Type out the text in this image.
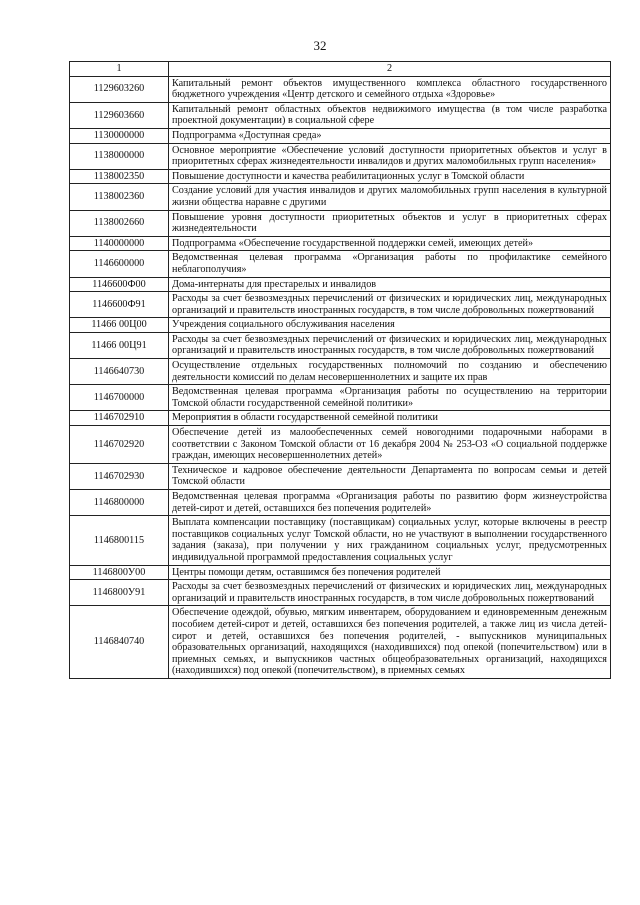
32
1	2
1129603260	Капитальный ремонт объектов имущественного комплекса областного государственного бюджетного учреждения «Центр детского и семейного отдыха «Здоровье»
1129603660	Капитальный ремонт областных объектов недвижимого имущества (в том числе разработка проектной документации) в социальной сфере
1130000000	Подпрограмма «Доступная среда»
1138000000	Основное мероприятие «Обеспечение условий доступности приоритетных объектов и услуг в приоритетных сферах жизнедеятельности инвалидов и других маломобильных групп населения»
1138002350	Повышение доступности и качества реабилитационных услуг в Томской области
1138002360	Создание условий для участия инвалидов и других маломобильных групп населения в культурной жизни общества наравне с другими
1138002660	Повышение уровня доступности приоритетных объектов и услуг в приоритетных сферах жизнедеятельности
1140000000	Подпрограмма «Обеспечение государственной поддержки семей, имеющих детей»
1146600000	Ведомственная целевая программа «Организация работы по профилактике семейного неблагополучия»
1146600Ф00	Дома-интернаты для престарелых и инвалидов
1146600Ф91	Расходы за счет безвозмездных перечислений от физических и юридических лиц, международных организаций и правительств иностранных государств, в том числе добровольных пожертвований
11466 00Ц00	Учреждения социального обслуживания населения
11466 00Ц91	Расходы за счет безвозмездных перечислений от физических и юридических лиц, международных организаций и правительств иностранных государств, в том числе добровольных пожертвований
1146640730	Осуществление отдельных государственных полномочий по созданию и обеспечению деятельности комиссий по делам несовершеннолетних и защите их прав
1146700000	Ведомственная целевая программа «Организация работы по осуществлению на территории Томской области государственной семейной политики»
1146702910	Мероприятия в области государственной семейной политики
1146702920	Обеспечение детей из малообеспеченных семей новогодними подарочными наборами в соответствии с Законом Томской области от 16 декабря 2004 № 253-ОЗ «О социальной поддержке граждан, имеющих несовершеннолетних детей»
1146702930	Техническое и кадровое обеспечение деятельности Департамента по вопросам семьи и детей Томской области
1146800000	Ведомственная целевая программа «Организация работы по развитию форм жизнеустройства детей-сирот и детей, оставшихся без попечения родителей»
1146800115	Выплата компенсации поставщику (поставщикам) социальных услуг, которые включены в реестр поставщиков социальных услуг Томской области, но не участвуют в выполнении государственного задания (заказа), при получении у них гражданином социальных услуг, предусмотренных индивидуальной программой предоставления социальных услуг
1146800У00	Центры помощи детям, оставшимся без попечения родителей
1146800У91	Расходы за счет безвозмездных перечислений от физических и юридических лиц, международных организаций и правительств иностранных государств, в том числе добровольных пожертвований
1146840740	Обеспечение одеждой, обувью, мягким инвентарем, оборудованием и единовременным денежным пособием детей-сирот и детей, оставшихся без попечения родителей, а также лиц из числа детей-сирот и детей, оставшихся без попечения родителей, - выпускников муниципальных образовательных организаций, находящихся (находившихся) под опекой (попечительством) или в приемных семьях, и выпускников частных общеобразовательных организаций, находящихся (находившихся) под опекой (попечительством), в приемных семьях
